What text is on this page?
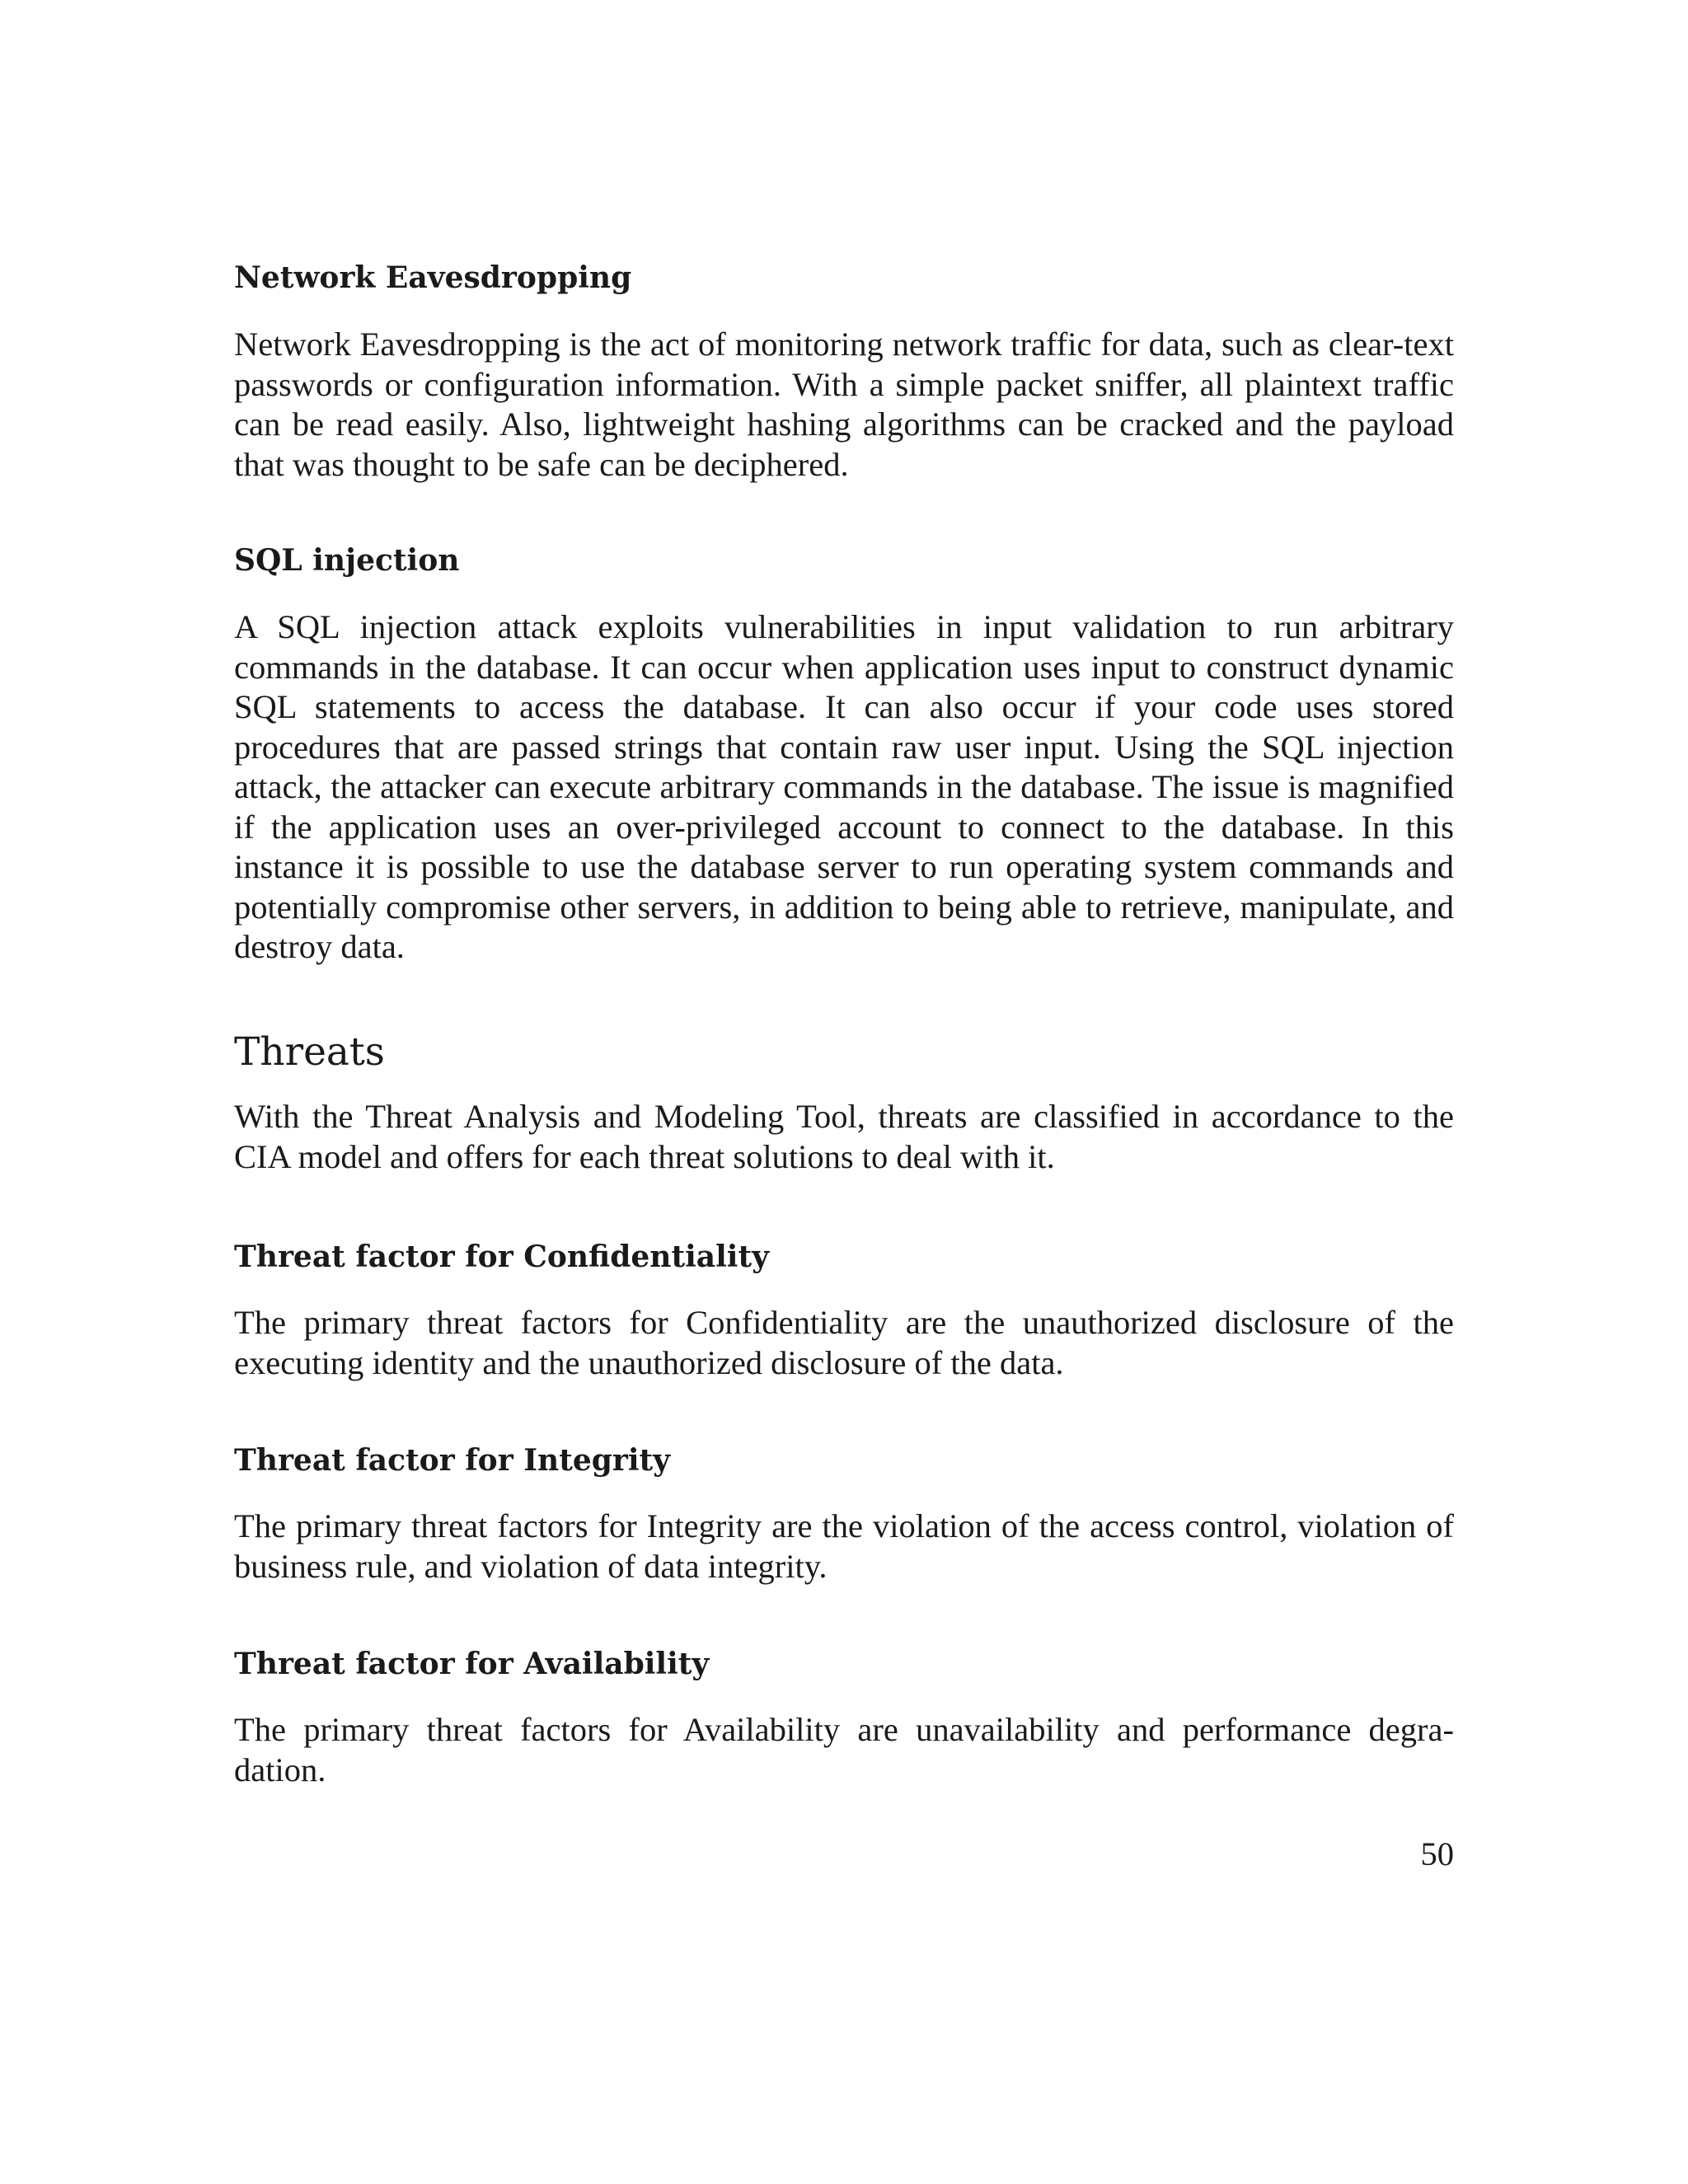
Network Eavesdropping

Network Eavesdropping is the act of monitoring network traffic for data, such as clear-text passwords or configuration information. With a simple packet sniffer, all plaintext traffic can be read easily. Also, lightweight hashing algorithms can be cracked and the payload that was thought to be safe can be deciphered.

SQL injection

A SQL injection attack exploits vulnerabilities in input validation to run arbitrary commands in the database. It can occur when application uses input to construct dynamic SQL statements to access the database. It can also occur if your code uses stored procedures that are passed strings that contain raw user input. Using the SQL injection attack, the attacker can execute arbitrary commands in the database. The issue is magnified if the application uses an over-privileged account to connect to the database. In this instance it is possible to use the database server to run operating system commands and potentially compromise other servers, in addition to being able to retrieve, manipulate, and destroy data.

Threats

With the Threat Analysis and Modeling Tool, threats are classified in accordance to the CIA model and offers for each threat solutions to deal with it.

Threat factor for Confidentiality

The primary threat factors for Confidentiality are the unauthorized disclosure of the executing identity and the unauthorized disclosure of the data.

Threat factor for Integrity

The primary threat factors for Integrity are the violation of the access control, violation of business rule, and violation of data integrity.

Threat factor for Availability

The primary threat factors for Availability are unavailability and performance degra-dation.

50
